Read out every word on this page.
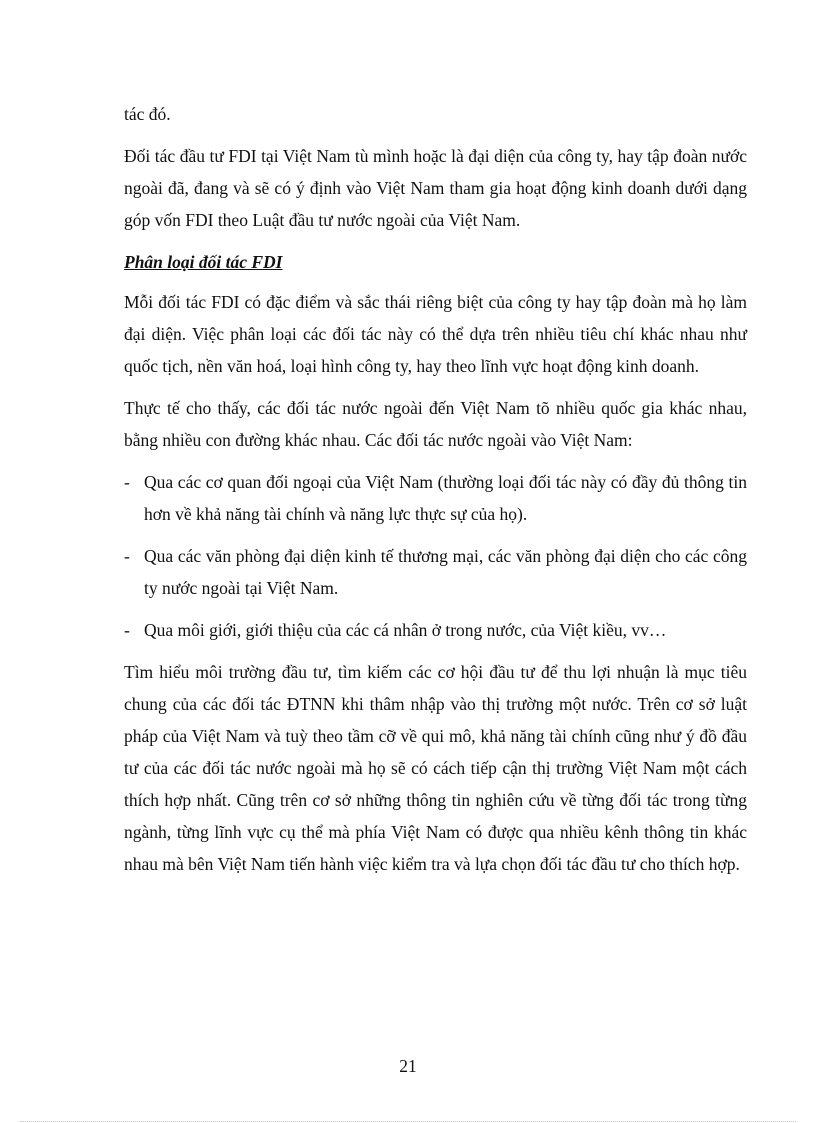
tác đó.

Đối tác đầu tư FDI tại Việt Nam tù mình hoặc là đại diện của công ty, hay tập đoàn nước ngoài đã, đang và sẽ có ý định vào Việt Nam tham gia hoạt động kinh doanh dưới dạng góp vốn FDI theo Luật đầu tư nước ngoài của Việt Nam.

Phân loại đối tác FDI

Mỗi đối tác FDI có đặc điểm và sắc thái riêng biệt của công ty hay tập đoàn mà họ làm đại diện. Việc phân loại các đối tác này có thể dựa trên nhiều tiêu chí khác nhau như quốc tịch, nền văn hoá, loại hình công ty, hay theo lĩnh vực hoạt động kinh doanh.

Thực tế cho thấy, các đối tác nước ngoài đến Việt Nam tõ nhiều quốc gia khác nhau, bằng nhiều con đường khác nhau. Các đối tác nước ngoài vào Việt Nam:

- Qua các cơ quan đối ngoại của Việt Nam (thường loại đối tác này có đầy đủ thông tin hơn về khả năng tài chính và năng lực thực sự của họ).
- Qua các văn phòng đại diện kinh tế thương mại, các văn phòng đại diện cho các công ty nước ngoài tại Việt Nam.
- Qua môi giới, giới thiệu của các cá nhân ở trong nước, của Việt kiều, vv…

Tìm hiểu môi trường đầu tư, tìm kiếm các cơ hội đầu tư để thu lợi nhuận là mục tiêu chung của các đối tác ĐTNN khi thâm nhập vào thị trường một nước. Trên cơ sở luật pháp của Việt Nam và tuỳ theo tầm cỡ về qui mô, khả năng tài chính cũng như ý đồ đầu tư của các đối tác nước ngoài mà họ sẽ có cách tiếp cận thị trường Việt Nam một cách thích hợp nhất. Cũng trên cơ sở những thông tin nghiên cứu về từng đối tác trong từng ngành, từng lĩnh vực cụ thể mà phía Việt Nam có được qua nhiều kênh thông tin khác nhau mà bên Việt Nam tiến hành việc kiểm tra và lựa chọn đối tác đầu tư cho thích hợp.

21
